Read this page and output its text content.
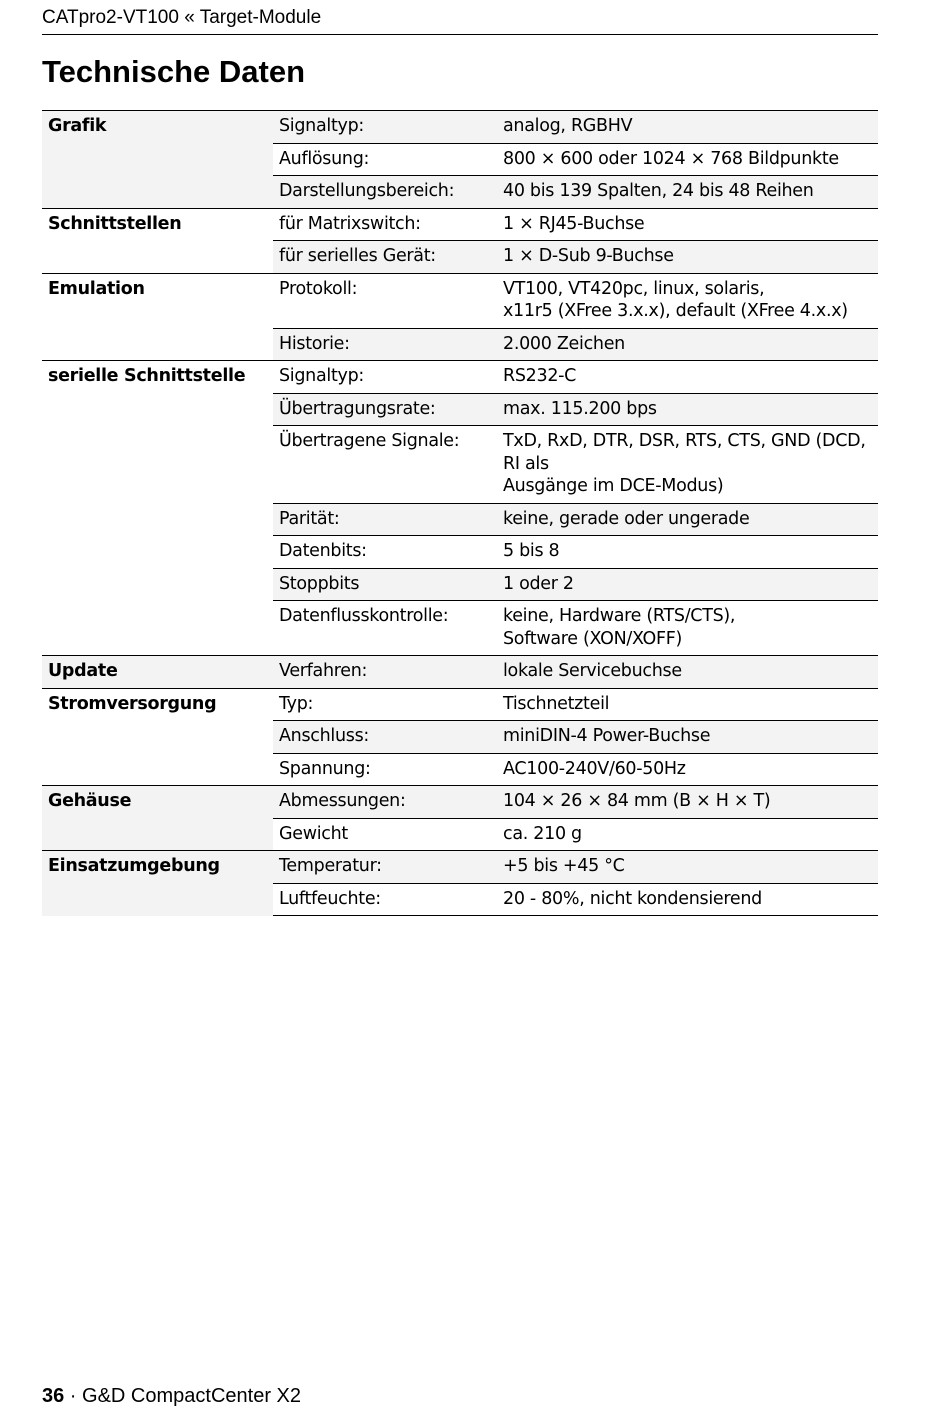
CATpro2-VT100 « Target-Module
Technische Daten
Grafik	Signaltyp:	analog, RGBHV
	Auflösung:	800 × 600 oder 1024 × 768 Bildpunkte
	Darstellungsbereich:	40 bis 139 Spalten, 24 bis 48 Reihen
Schnittstellen	für Matrixswitch:	1 × RJ45-Buchse
	für serielles Gerät:	1 × D-Sub 9-Buchse
Emulation	Protokoll:	VT100, VT420pc, linux, solaris,
x11r5 (XFree 3.x.x), default (XFree 4.x.x)
	Historie:	2.000 Zeichen
serielle Schnittstelle	Signaltyp:	RS232-C
	Übertragungsrate:	max. 115.200 bps
	Übertragene Signale:	TxD, RxD, DTR, DSR, RTS, CTS, GND (DCD, RI als
Ausgänge im DCE-Modus)
	Parität:	keine, gerade oder ungerade
	Datenbits:	5 bis 8
	Stoppbits	1 oder 2
	Datenflusskontrolle:	keine, Hardware (RTS/CTS),
Software (XON/XOFF)
Update	Verfahren:	lokale Servicebuchse
Stromversorgung	Typ:	Tischnetzteil
	Anschluss:	miniDIN-4 Power-Buchse
	Spannung:	AC100-240V/60-50Hz
Gehäuse	Abmessungen:	104 × 26 × 84 mm (B × H × T)
	Gewicht	ca. 210 g
Einsatzumgebung	Temperatur:	+5 bis +45 °C
	Luftfeuchte:	20 - 80%, nicht kondensierend
36 · G&D CompactCenter X2
